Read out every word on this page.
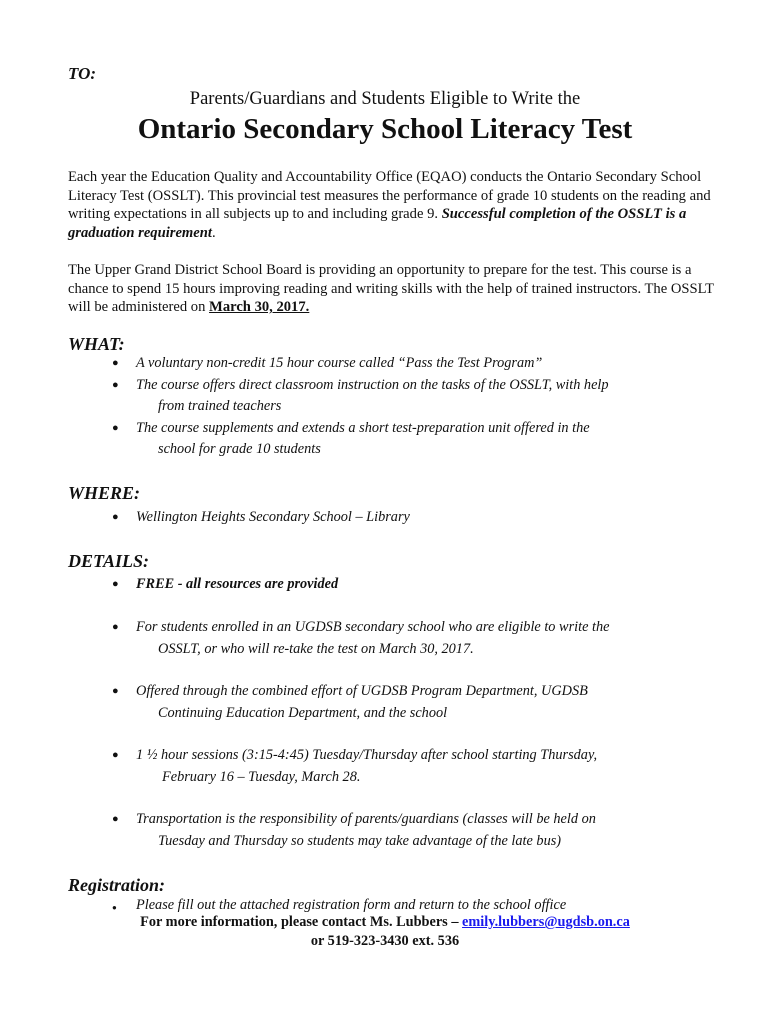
TO:
Parents/Guardians and Students Eligible to Write the
Ontario Secondary School Literacy Test
Each year the Education Quality and Accountability Office (EQAO) conducts the Ontario Secondary School Literacy Test (OSSLT). This provincial test measures the performance of grade 10 students on the reading and writing expectations in all subjects up to and including grade 9. Successful completion of the OSSLT is a graduation requirement.
The Upper Grand District School Board is providing an opportunity to prepare for the test. This course is a chance to spend 15 hours improving reading and writing skills with the help of trained instructors. The OSSLT will be administered on March 30, 2017.
WHAT:
●	A voluntary non-credit 15 hour course called “Pass the Test Program”
●	The course offers direct classroom instruction on the tasks of the OSSLT, with help
from trained teachers
●	The course supplements and extends a short test-preparation unit offered in the
school for grade 10 students
WHERE:
●	Wellington Heights Secondary School – Library
DETAILS:
●	FREE - all resources are provided
●	For students enrolled in an UGDSB secondary school who are eligible to write the
OSSLT, or who will re-take the test on March 30, 2017.
●	Offered through the combined effort of UGDSB Program Department, UGDSB
Continuing Education Department, and the school
●	1 ½ hour sessions (3:15-4:45) Tuesday/Thursday after school starting Thursday,
February 16 – Tuesday, March 28.
●	Transportation is the responsibility of parents/guardians (classes will be held on
Tuesday and Thursday so students may take advantage of the late bus)
Registration:
●	Please fill out the attached registration form and return to the school office
For more information, please contact Ms. Lubbers – emily.lubbers@ugdsb.on.ca
or 519-323-3430 ext. 536
